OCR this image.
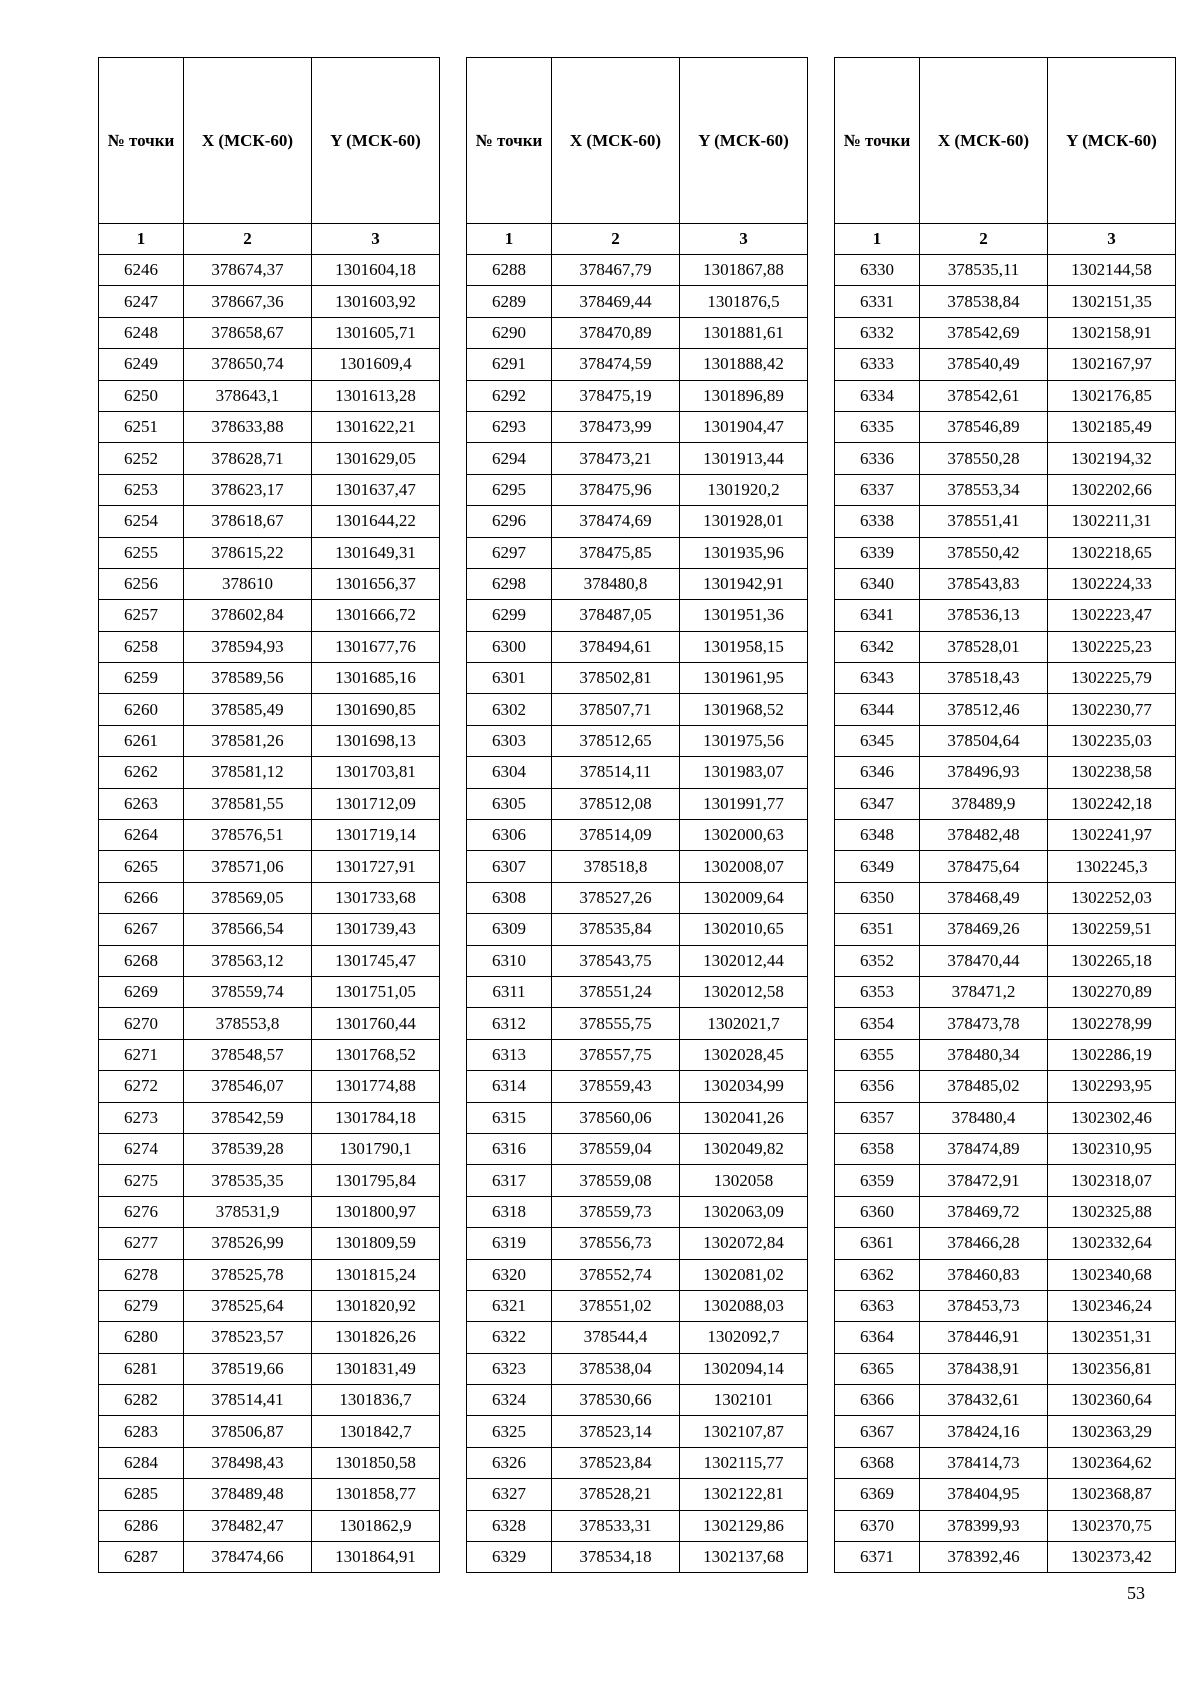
№ точки	X (МСК-60)	Y (МСК-60)
1	2	3
6246	378674,37	1301604,18
6247	378667,36	1301603,92
6248	378658,67	1301605,71
6249	378650,74	1301609,4
6250	378643,1	1301613,28
6251	378633,88	1301622,21
6252	378628,71	1301629,05
6253	378623,17	1301637,47
6254	378618,67	1301644,22
6255	378615,22	1301649,31
6256	378610	1301656,37
6257	378602,84	1301666,72
6258	378594,93	1301677,76
6259	378589,56	1301685,16
6260	378585,49	1301690,85
6261	378581,26	1301698,13
6262	378581,12	1301703,81
6263	378581,55	1301712,09
6264	378576,51	1301719,14
6265	378571,06	1301727,91
6266	378569,05	1301733,68
6267	378566,54	1301739,43
6268	378563,12	1301745,47
6269	378559,74	1301751,05
6270	378553,8	1301760,44
6271	378548,57	1301768,52
6272	378546,07	1301774,88
6273	378542,59	1301784,18
6274	378539,28	1301790,1
6275	378535,35	1301795,84
6276	378531,9	1301800,97
6277	378526,99	1301809,59
6278	378525,78	1301815,24
6279	378525,64	1301820,92
6280	378523,57	1301826,26
6281	378519,66	1301831,49
6282	378514,41	1301836,7
6283	378506,87	1301842,7
6284	378498,43	1301850,58
6285	378489,48	1301858,77
6286	378482,47	1301862,9
6287	378474,66	1301864,91
№ точки	X (МСК-60)	Y (МСК-60)
1	2	3
6288	378467,79	1301867,88
6289	378469,44	1301876,5
6290	378470,89	1301881,61
6291	378474,59	1301888,42
6292	378475,19	1301896,89
6293	378473,99	1301904,47
6294	378473,21	1301913,44
6295	378475,96	1301920,2
6296	378474,69	1301928,01
6297	378475,85	1301935,96
6298	378480,8	1301942,91
6299	378487,05	1301951,36
6300	378494,61	1301958,15
6301	378502,81	1301961,95
6302	378507,71	1301968,52
6303	378512,65	1301975,56
6304	378514,11	1301983,07
6305	378512,08	1301991,77
6306	378514,09	1302000,63
6307	378518,8	1302008,07
6308	378527,26	1302009,64
6309	378535,84	1302010,65
6310	378543,75	1302012,44
6311	378551,24	1302012,58
6312	378555,75	1302021,7
6313	378557,75	1302028,45
6314	378559,43	1302034,99
6315	378560,06	1302041,26
6316	378559,04	1302049,82
6317	378559,08	1302058
6318	378559,73	1302063,09
6319	378556,73	1302072,84
6320	378552,74	1302081,02
6321	378551,02	1302088,03
6322	378544,4	1302092,7
6323	378538,04	1302094,14
6324	378530,66	1302101
6325	378523,14	1302107,87
6326	378523,84	1302115,77
6327	378528,21	1302122,81
6328	378533,31	1302129,86
6329	378534,18	1302137,68
№ точки	X (МСК-60)	Y (МСК-60)
1	2	3
6330	378535,11	1302144,58
6331	378538,84	1302151,35
6332	378542,69	1302158,91
6333	378540,49	1302167,97
6334	378542,61	1302176,85
6335	378546,89	1302185,49
6336	378550,28	1302194,32
6337	378553,34	1302202,66
6338	378551,41	1302211,31
6339	378550,42	1302218,65
6340	378543,83	1302224,33
6341	378536,13	1302223,47
6342	378528,01	1302225,23
6343	378518,43	1302225,79
6344	378512,46	1302230,77
6345	378504,64	1302235,03
6346	378496,93	1302238,58
6347	378489,9	1302242,18
6348	378482,48	1302241,97
6349	378475,64	1302245,3
6350	378468,49	1302252,03
6351	378469,26	1302259,51
6352	378470,44	1302265,18
6353	378471,2	1302270,89
6354	378473,78	1302278,99
6355	378480,34	1302286,19
6356	378485,02	1302293,95
6357	378480,4	1302302,46
6358	378474,89	1302310,95
6359	378472,91	1302318,07
6360	378469,72	1302325,88
6361	378466,28	1302332,64
6362	378460,83	1302340,68
6363	378453,73	1302346,24
6364	378446,91	1302351,31
6365	378438,91	1302356,81
6366	378432,61	1302360,64
6367	378424,16	1302363,29
6368	378414,73	1302364,62
6369	378404,95	1302368,87
6370	378399,93	1302370,75
6371	378392,46	1302373,42
53
